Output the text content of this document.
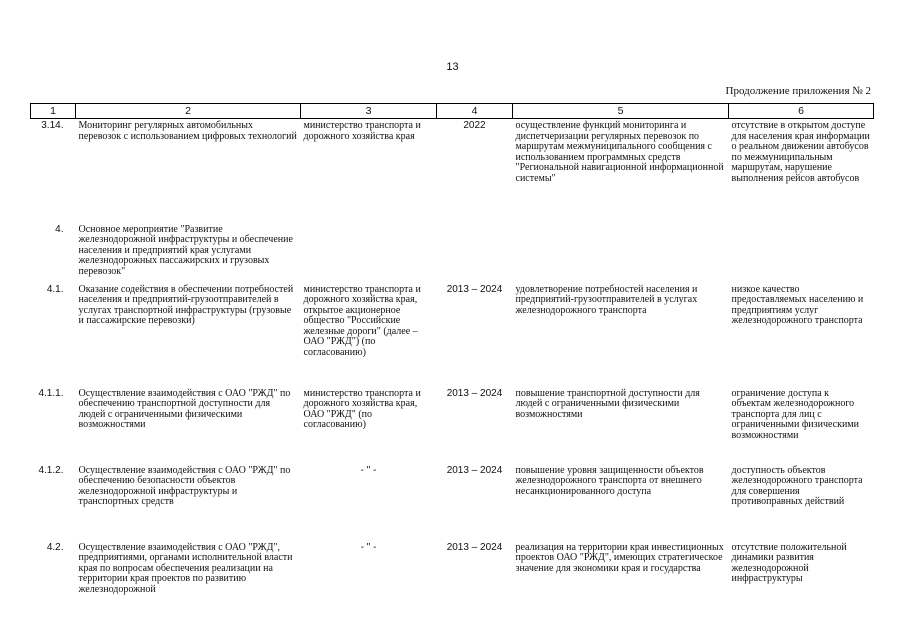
13
Продолжение приложения № 2
1	2	3	4	5	6
3.14.	Мониторинг регулярных автомобильных перевозок с использованием цифровых технологий	министерство транспорта и дорожного хозяйства края	2022	осуществление функций мониторинга и диспетчеризации регулярных перевозок по маршрутам межмуниципального сообщения с использованием программных средств "Региональной навигационной информационной системы"	отсутствие в открытом доступе для населения края информации о реальном движении автобусов по межмуниципальным маршрутам, нарушение выполнения рейсов автобусов
4.	Основное мероприятие "Развитие железнодорожной инфраструктуры и обеспечение населения и предприятий края услугами железнодорожных пассажирских и грузовых перевозок"				
4.1.	Оказание содействия в обеспечении потребностей населения и предприятий-грузоотправителей в услугах транспортной инфраструктуры (грузовые и пассажирские перевозки)	министерство транспорта и дорожного хозяйства края, открытое акционерное общество "Российские железные дороги" (далее – ОАО "РЖД") (по согласованию)	2013 – 2024	удовлетворение потребностей населения и предприятий-грузоотправителей в услугах железнодорожного транспорта	низкое качество предоставляемых населению и предприятиям услуг железнодорожного транспорта
4.1.1.	Осуществление взаимодействия с ОАО "РЖД" по обеспечению транспортной доступности для людей с ограниченными физическими возможностями	министерство транспорта и дорожного хозяйства края, ОАО "РЖД" (по согласованию)	2013 – 2024	повышение транспортной доступности для людей с ограниченными физическими возможностями	ограничение доступа к объектам железнодорожного транспорта для лиц с ограниченными физическими возможностями
4.1.2.	Осуществление взаимодействия с ОАО "РЖД" по обеспечению безопасности объектов железнодорожной инфраструктуры и транспортных средств	- " -	2013 – 2024	повышение уровня защищенности объектов железнодорожного транспорта от внешнего несанкционированного доступа	доступность объектов железнодорожного транспорта для совершения противоправных действий
4.2.	Осуществление взаимодействия с ОАО "РЖД", предприятиями, органами исполнительной власти края по вопросам обеспечения реализации на территории края проектов по развитию железнодорожной	- " -	2013 – 2024	реализация на территории края инвестиционных проектов ОАО "РЖД", имеющих стратегическое значение для экономики края и государства	отсутствие положительной динамики развития железнодорожной инфраструктуры
